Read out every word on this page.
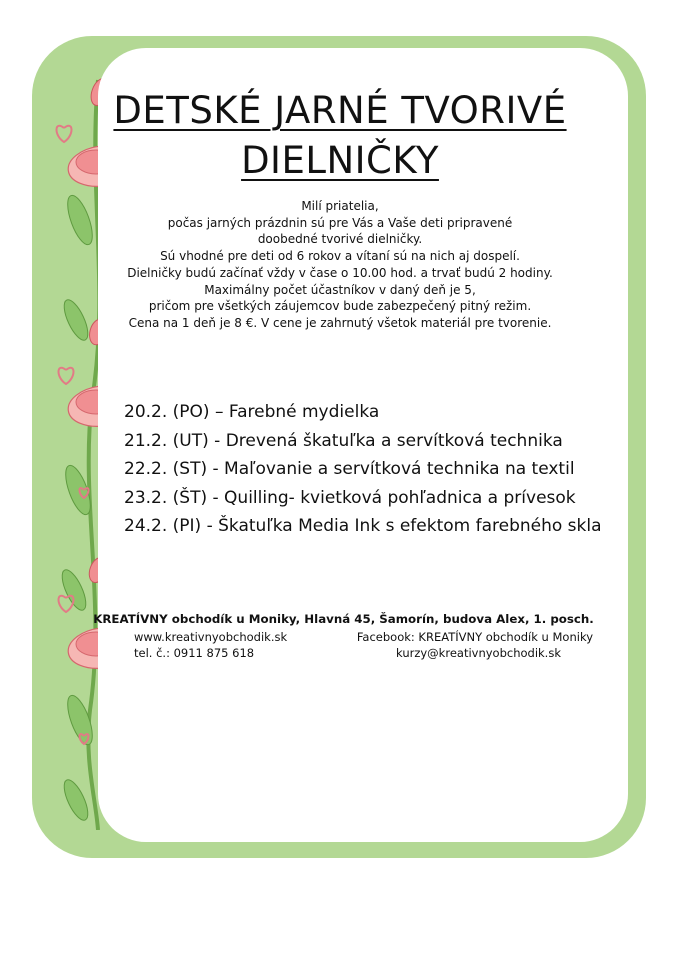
DETSKÉ JARNÉ TVORIVÉ
DIELNIČKY
Milí priatelia,
počas jarných prázdnin sú pre Vás a Vaše deti pripravené
doobedné tvorivé dielničky.
Sú vhodné pre deti od 6 rokov a vítaní sú na nich aj dospelí.
Dielničky budú začínať vždy v čase o 10.00 hod. a trvať budú 2 hodiny.
Maximálny počet účastníkov v daný deň je 5,
pričom pre všetkých záujemcov bude zabezpečený pitný režim.
Cena na 1 deň je 8 €. V cene je zahrnutý všetok materiál pre tvorenie.
20.2. (PO) – Farebné mydielka
21.2. (UT) - Drevená škatuľka a servítková technika
22.2. (ST) - Maľovanie a servítková technika na textil
23.2. (ŠT) - Quilling- kvietková pohľadnica a prívesok
24.2. (PI) - Škatuľka Media Ink s efektom farebného skla
KREATÍVNY obchodík u Moniky, Hlavná 45, Šamorín, budova Alex, 1. posch.
www.kreativnyobchodik.sk	Facebook: KREATÍVNY obchodík u Moniky
tel. č.: 0911 875 618	kurzy@kreativnyobchodik.sk
